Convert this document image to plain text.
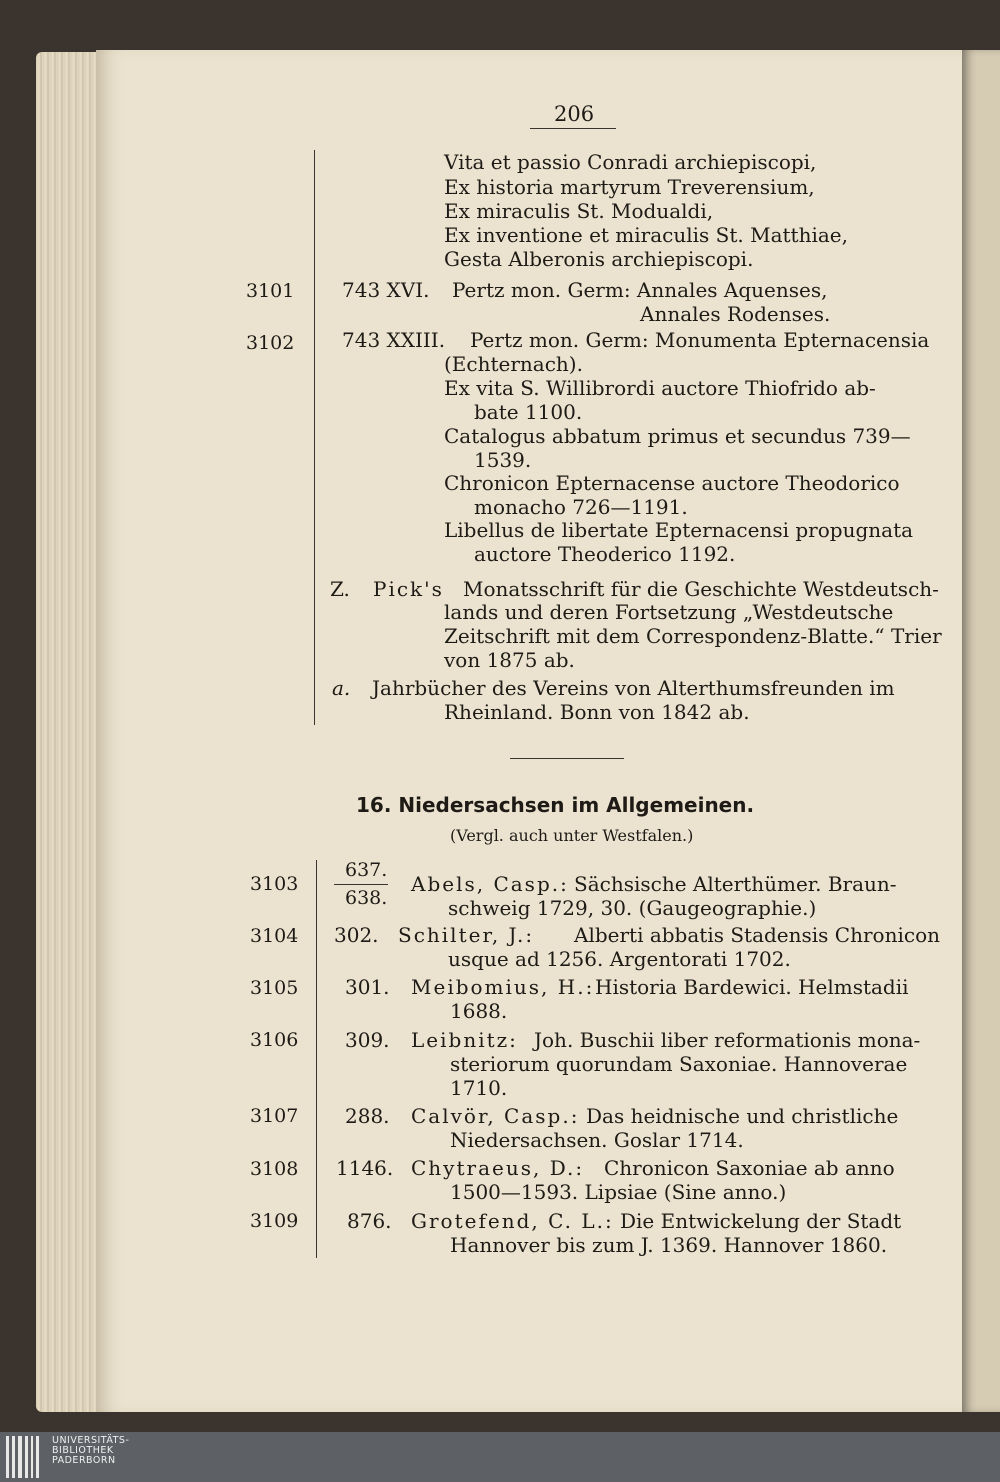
206
Vita et passio Conradi archiepiscopi,
Ex historia martyrum Treverensium,
Ex miraculis St. Modualdi,
Ex inventione et miraculis St. Matthiae,
Gesta Alberonis archiepiscopi.
3101 743 XVI. Pertz mon. Germ: Annales Aquenses,
Annales Rodenses.
3102 743 XXIII. Pertz mon. Germ: Monumenta Epternacensia
(Echternach).
Ex vita S. Willibrordi auctore Thiofrido ab-
bate 1100.
Catalogus abbatum primus et secundus 739—
1539.
Chronicon Epternacense auctore Theodorico
monacho 726—1191.
Libellus de libertate Epternacensi propugnata
auctore Theoderico 1192.
Z. Pick's Monatsschrift für die Geschichte Westdeutsch-
lands und deren Fortsetzung „Westdeutsche
Zeitschrift mit dem Correspondenz-Blatte.“ Trier
von 1875 ab.
a. Jahrbücher des Vereins von Alterthumsfreunden im
Rheinland. Bonn von 1842 ab.
16. Niedersachsen im Allgemeinen.
(Vergl. auch unter Westfalen.)
3103
637.
638.
Abels, Casp.: Sächsische Alterthümer. Braun-
schweig 1729, 30. (Gaugeographie.)
3104 302. Schilter, J.: Alberti abbatis Stadensis Chronicon
usque ad 1256. Argentorati 1702.
3105 301. Meibomius, H.: Historia Bardewici. Helmstadii
1688.
3106 309. Leibnitz: Joh. Buschii liber reformationis mona-
steriorum quorundam Saxoniae. Hannoverae
1710.
3107 288. Calvör, Casp.: Das heidnische und christliche
Niedersachsen. Goslar 1714.
3108 1146. Chytraeus, D.: Chronicon Saxoniae ab anno
1500—1593. Lipsiae (Sine anno.)
3109 876. Grotefend, C. L.: Die Entwickelung der Stadt
Hannover bis zum J. 1369. Hannover 1860.
UNIVERSITÄTS-
BIBLIOTHEK
PADERBORN
